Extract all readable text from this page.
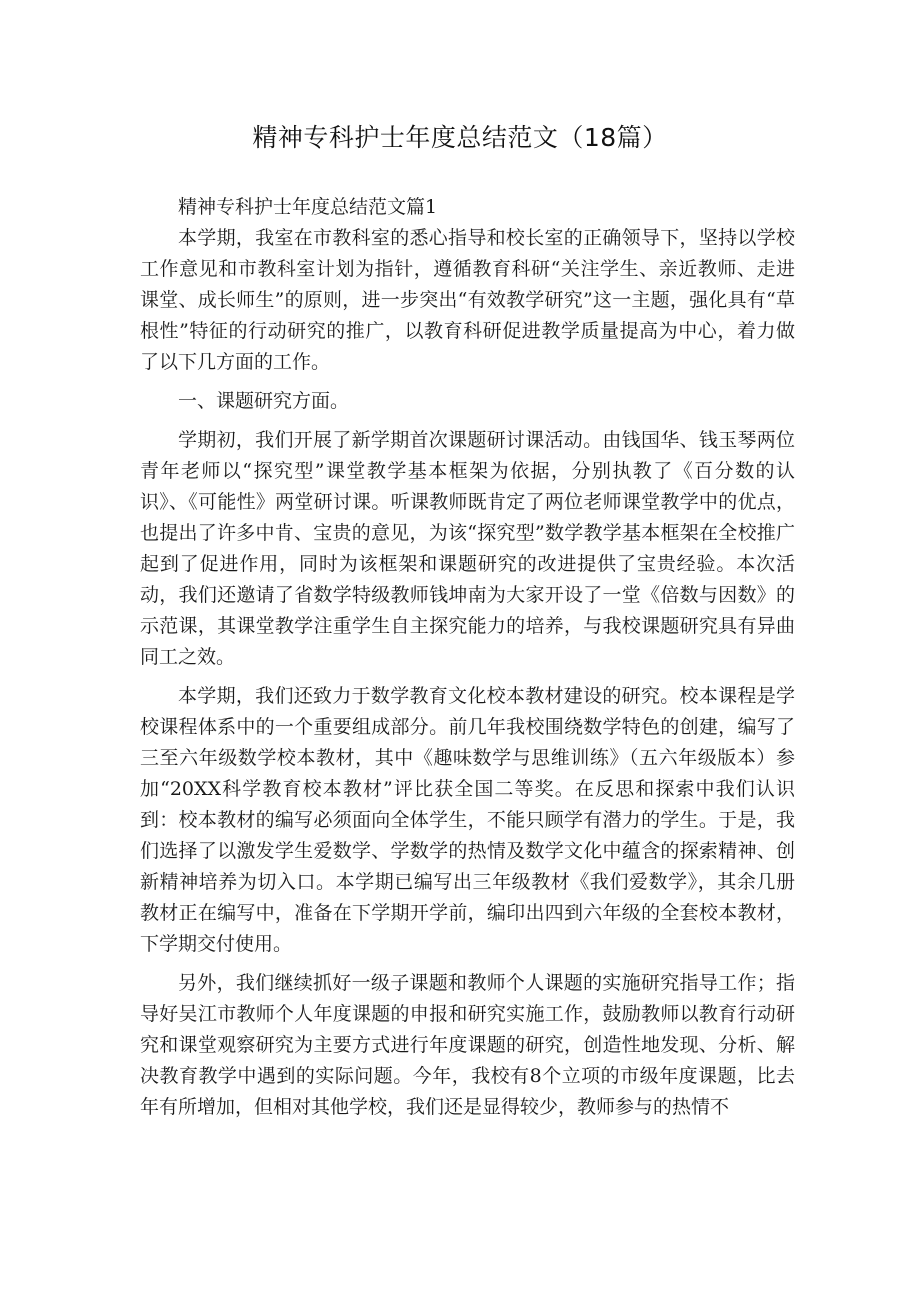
精神专科护士年度总结范文（18篇）

精神专科护士年度总结范文篇1

本学期，我室在市教科室的悉心指导和校长室的正确领导下，坚持以学校工作意见和市教科室计划为指针，遵循教育科研“关注学生、亲近教师、走进课堂、成长师生”的原则，进一步突出“有效教学研究”这一主题，强化具有“草根性”特征的行动研究的推广，以教育科研促进教学质量提高为中心，着力做了以下几方面的工作。

一、课题研究方面。

学期初，我们开展了新学期首次课题研讨课活动。由钱国华、钱玉琴两位青年老师以“探究型”课堂教学基本框架为依据，分别执教了《百分数的认识》、《可能性》两堂研讨课。听课教师既肯定了两位老师课堂教学中的优点，也提出了许多中肯、宝贵的意见，为该“探究型”数学教学基本框架在全校推广起到了促进作用，同时为该框架和课题研究的改进提供了宝贵经验。本次活动，我们还邀请了省数学特级教师钱坤南为大家开设了一堂《倍数与因数》的示范课，其课堂教学注重学生自主探究能力的培养，与我校课题研究具有异曲同工之效。

本学期，我们还致力于数学教育文化校本教材建设的研究。校本课程是学校课程体系中的一个重要组成部分。前几年我校围绕数学特色的创建，编写了三至六年级数学校本教材，其中《趣味数学与思维训练》（五六年级版本）参加“20XX科学教育校本教材”评比获全国二等奖。在反思和探索中我们认识到：校本教材的编写必须面向全体学生，不能只顾学有潜力的学生。于是，我们选择了以激发学生爱数学、学数学的热情及数学文化中蕴含的探索精神、创新精神培养为切入口。本学期已编写出三年级教材《我们爱数学》，其余几册教材正在编写中，准备在下学期开学前，编印出四到六年级的全套校本教材，下学期交付使用。

另外，我们继续抓好一级子课题和教师个人课题的实施研究指导工作；指导好吴江市教师个人年度课题的申报和研究实施工作，鼓励教师以教育行动研究和课堂观察研究为主要方式进行年度课题的研究，创造性地发现、分析、解决教育教学中遇到的实际问题。今年，我校有8个立项的市级年度课题，比去年有所增加，但相对其他学校，我们还是显得较少，教师参与的热情不
